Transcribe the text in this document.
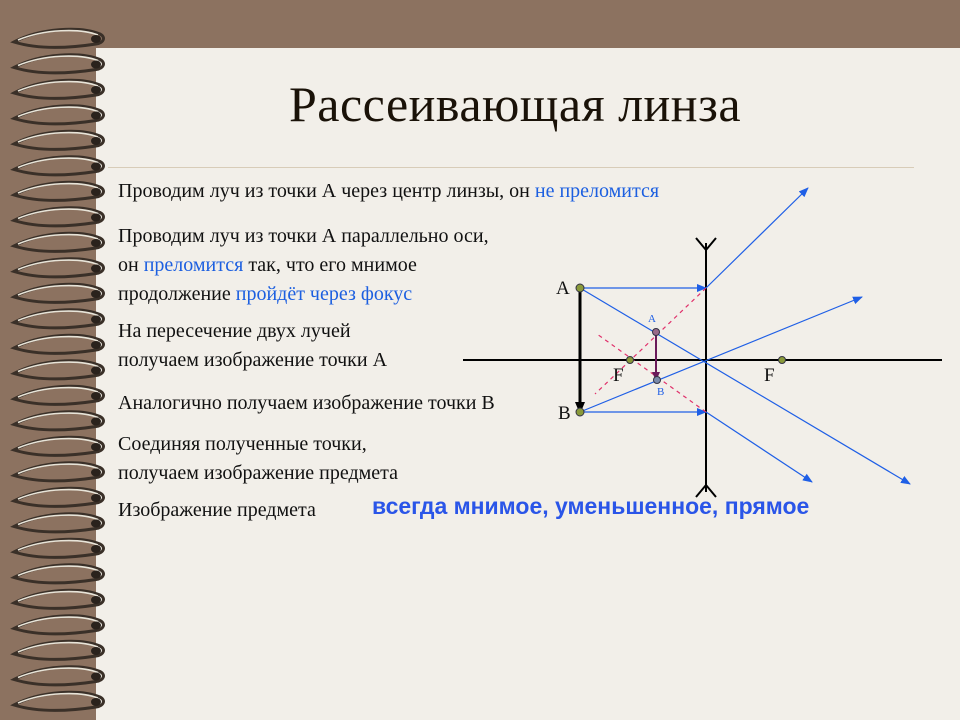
Рассеивающая линза
Проводим луч из точки А через центр линзы, он не преломится
Проводим луч из точки А параллельно оси,
он преломится так, что его мнимое
продолжение пройдёт через фокус
На пересечение двух лучей
получаем изображение точки А
Аналогично получаем изображение точки В
Соединяя полученные точки,
получаем изображение предмета
Изображение предмета всегда мнимое, уменьшенное, прямое
A
B
A
B
F	F
